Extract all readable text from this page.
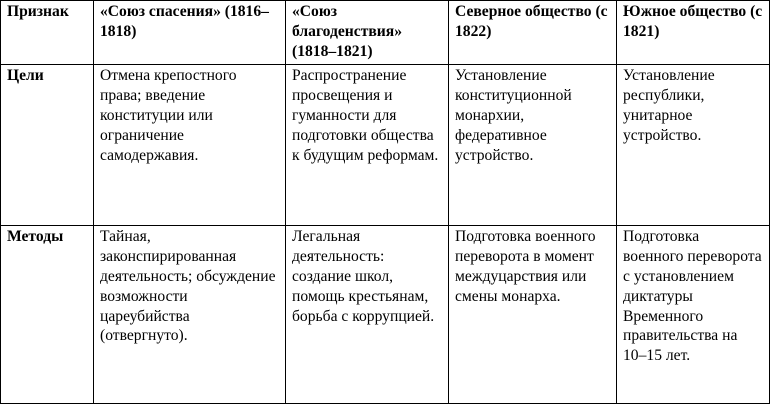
Признак	«Союз спасения» (1816–1818)	«Союз благоденствия» (1818–1821)	Северное общество (с 1822)	Южное общество (с 1821)

Цели	Отмена крепостного права; введение конституции или ограничение самодержавия.	Распространение просвещения и гуманности для подготовки общества к будущим реформам.	Установление конституционной монархии, федеративное устройство.	Установление республики, унитарное устройство.

Методы	Тайная, законспирированная деятельность; обсуждение возможности цареубийства (отвергнуто).	Легальная деятельность: создание школ, помощь крестьянам, борьба с коррупцией.	Подготовка военного переворота в момент междуцарствия или смены монарха.	Подготовка военного переворота с установлением диктатуры Временного правительства на 10–15 лет.
